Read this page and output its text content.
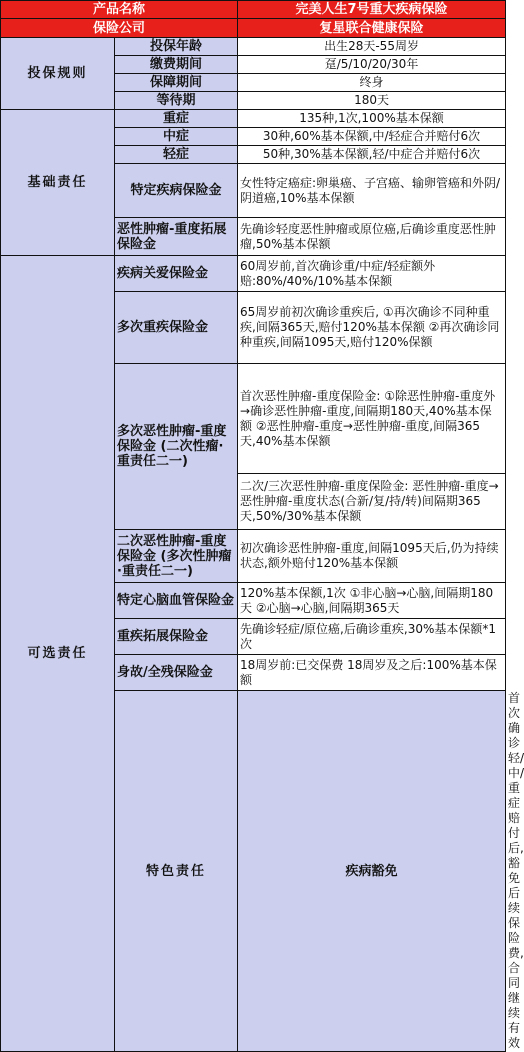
产品名称		完美人生7号重大疾病保险	
保险公司		复星联合健康保险	
投保规则	投保年龄	出生28天-55周岁	
	缴费期间	趸/5/10/20/30年	
	保障期间	终身	
	等待期	180天	
基础责任	重症	135种,1次,100%基本保额	
	中症	30种,60%基本保额,中/轻症合并赔付6次	
	轻症	50种,30%基本保额,轻/中症合并赔付6次	
	特定疾病保险金	女性特定癌症:卵巢癌、子宫癌、输卵管癌和外阴/阴道癌,10%基本保额	
	恶性肿瘤-重度拓展保险金	先确诊轻度恶性肿瘤或原位癌,后确诊重度恶性肿瘤,50%基本保额	
可选责任	疾病关爱保险金	60周岁前,首次确诊重/中症/轻症额外赔:80%/40%/10%基本保额	
	多次重疾保险金	65周岁前初次确诊重疾后, ①再次确诊不同种重疾,间隔365天,赔付120%基本保额 ②再次确诊同种重疾,间隔1095天,赔付120%保额	
	多次恶性肿瘤-重度保险金 (二次性瘤·重责任二一)	首次恶性肿瘤-重度保险金: ①除恶性肿瘤-重度外→确诊恶性肿瘤-重度,间隔期180天,40%基本保额 ②恶性肿瘤-重度→恶性肿瘤-重度,间隔365天,40%基本保额	
		二次/三次恶性肿瘤-重度保险金: 恶性肿瘤-重度→恶性肿瘤-重度状态(合新/复/持/转)间隔期365天,50%/30%基本保额	
	二次恶性肿瘤-重度保险金 (多次性肿瘤·重责任二一)	初次确诊恶性肿瘤-重度,间隔1095天后,仍为持续状态,额外赔付120%基本保额	
	特定心脑血管保险金	120%基本保额,1次 ①非心脑→心脑,间隔期180天 ②心脑→心脑,间隔期365天	
	重疾拓展保险金	先确诊轻症/原位癌,后确诊重疾,30%基本保额*1次	
	身故/全残保险金	18周岁前:已交保费 18周岁及之后:100%基本保额	
	特色责任	疾病豁免	首次确诊轻/中/重症赔付后,豁免后续保险费,合同继续有效
